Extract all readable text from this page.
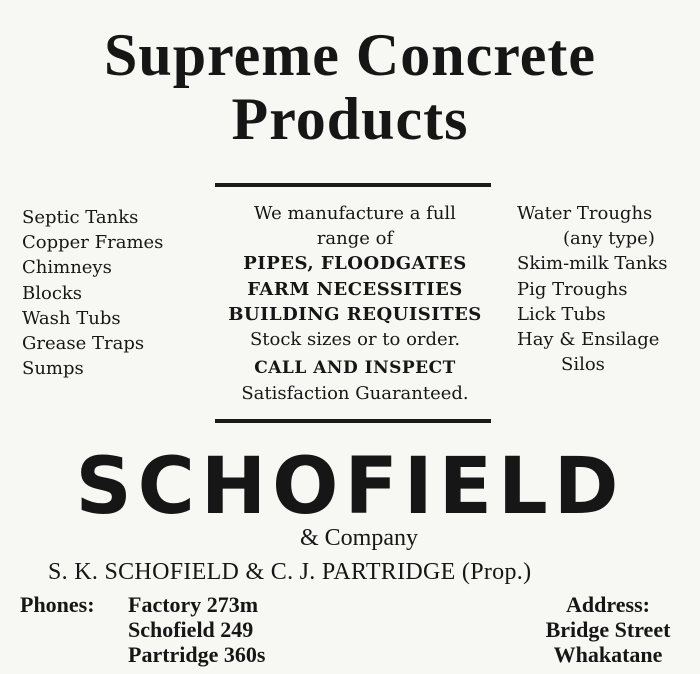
Supreme Concrete
Products
Septic Tanks
Copper Frames
Chimneys
Blocks
Wash Tubs
Grease Traps
Sumps
We manufacture a full
range of
PIPES, FLOODGATES
FARM NECESSITIES
BUILDING REQUISITES
Stock sizes or to order.
CALL AND INSPECT
Satisfaction Guaranteed.
Water Troughs
(any type)
Skim-milk Tanks
Pig Troughs
Lick Tubs
Hay & Ensilage
Silos
SCHOFIELD
& Company
S. K. SCHOFIELD & C. J. PARTRIDGE (Prop.)
Phones: Factory 273m
Schofield 249
Partridge 360s
Address:
Bridge Street
Whakatane
